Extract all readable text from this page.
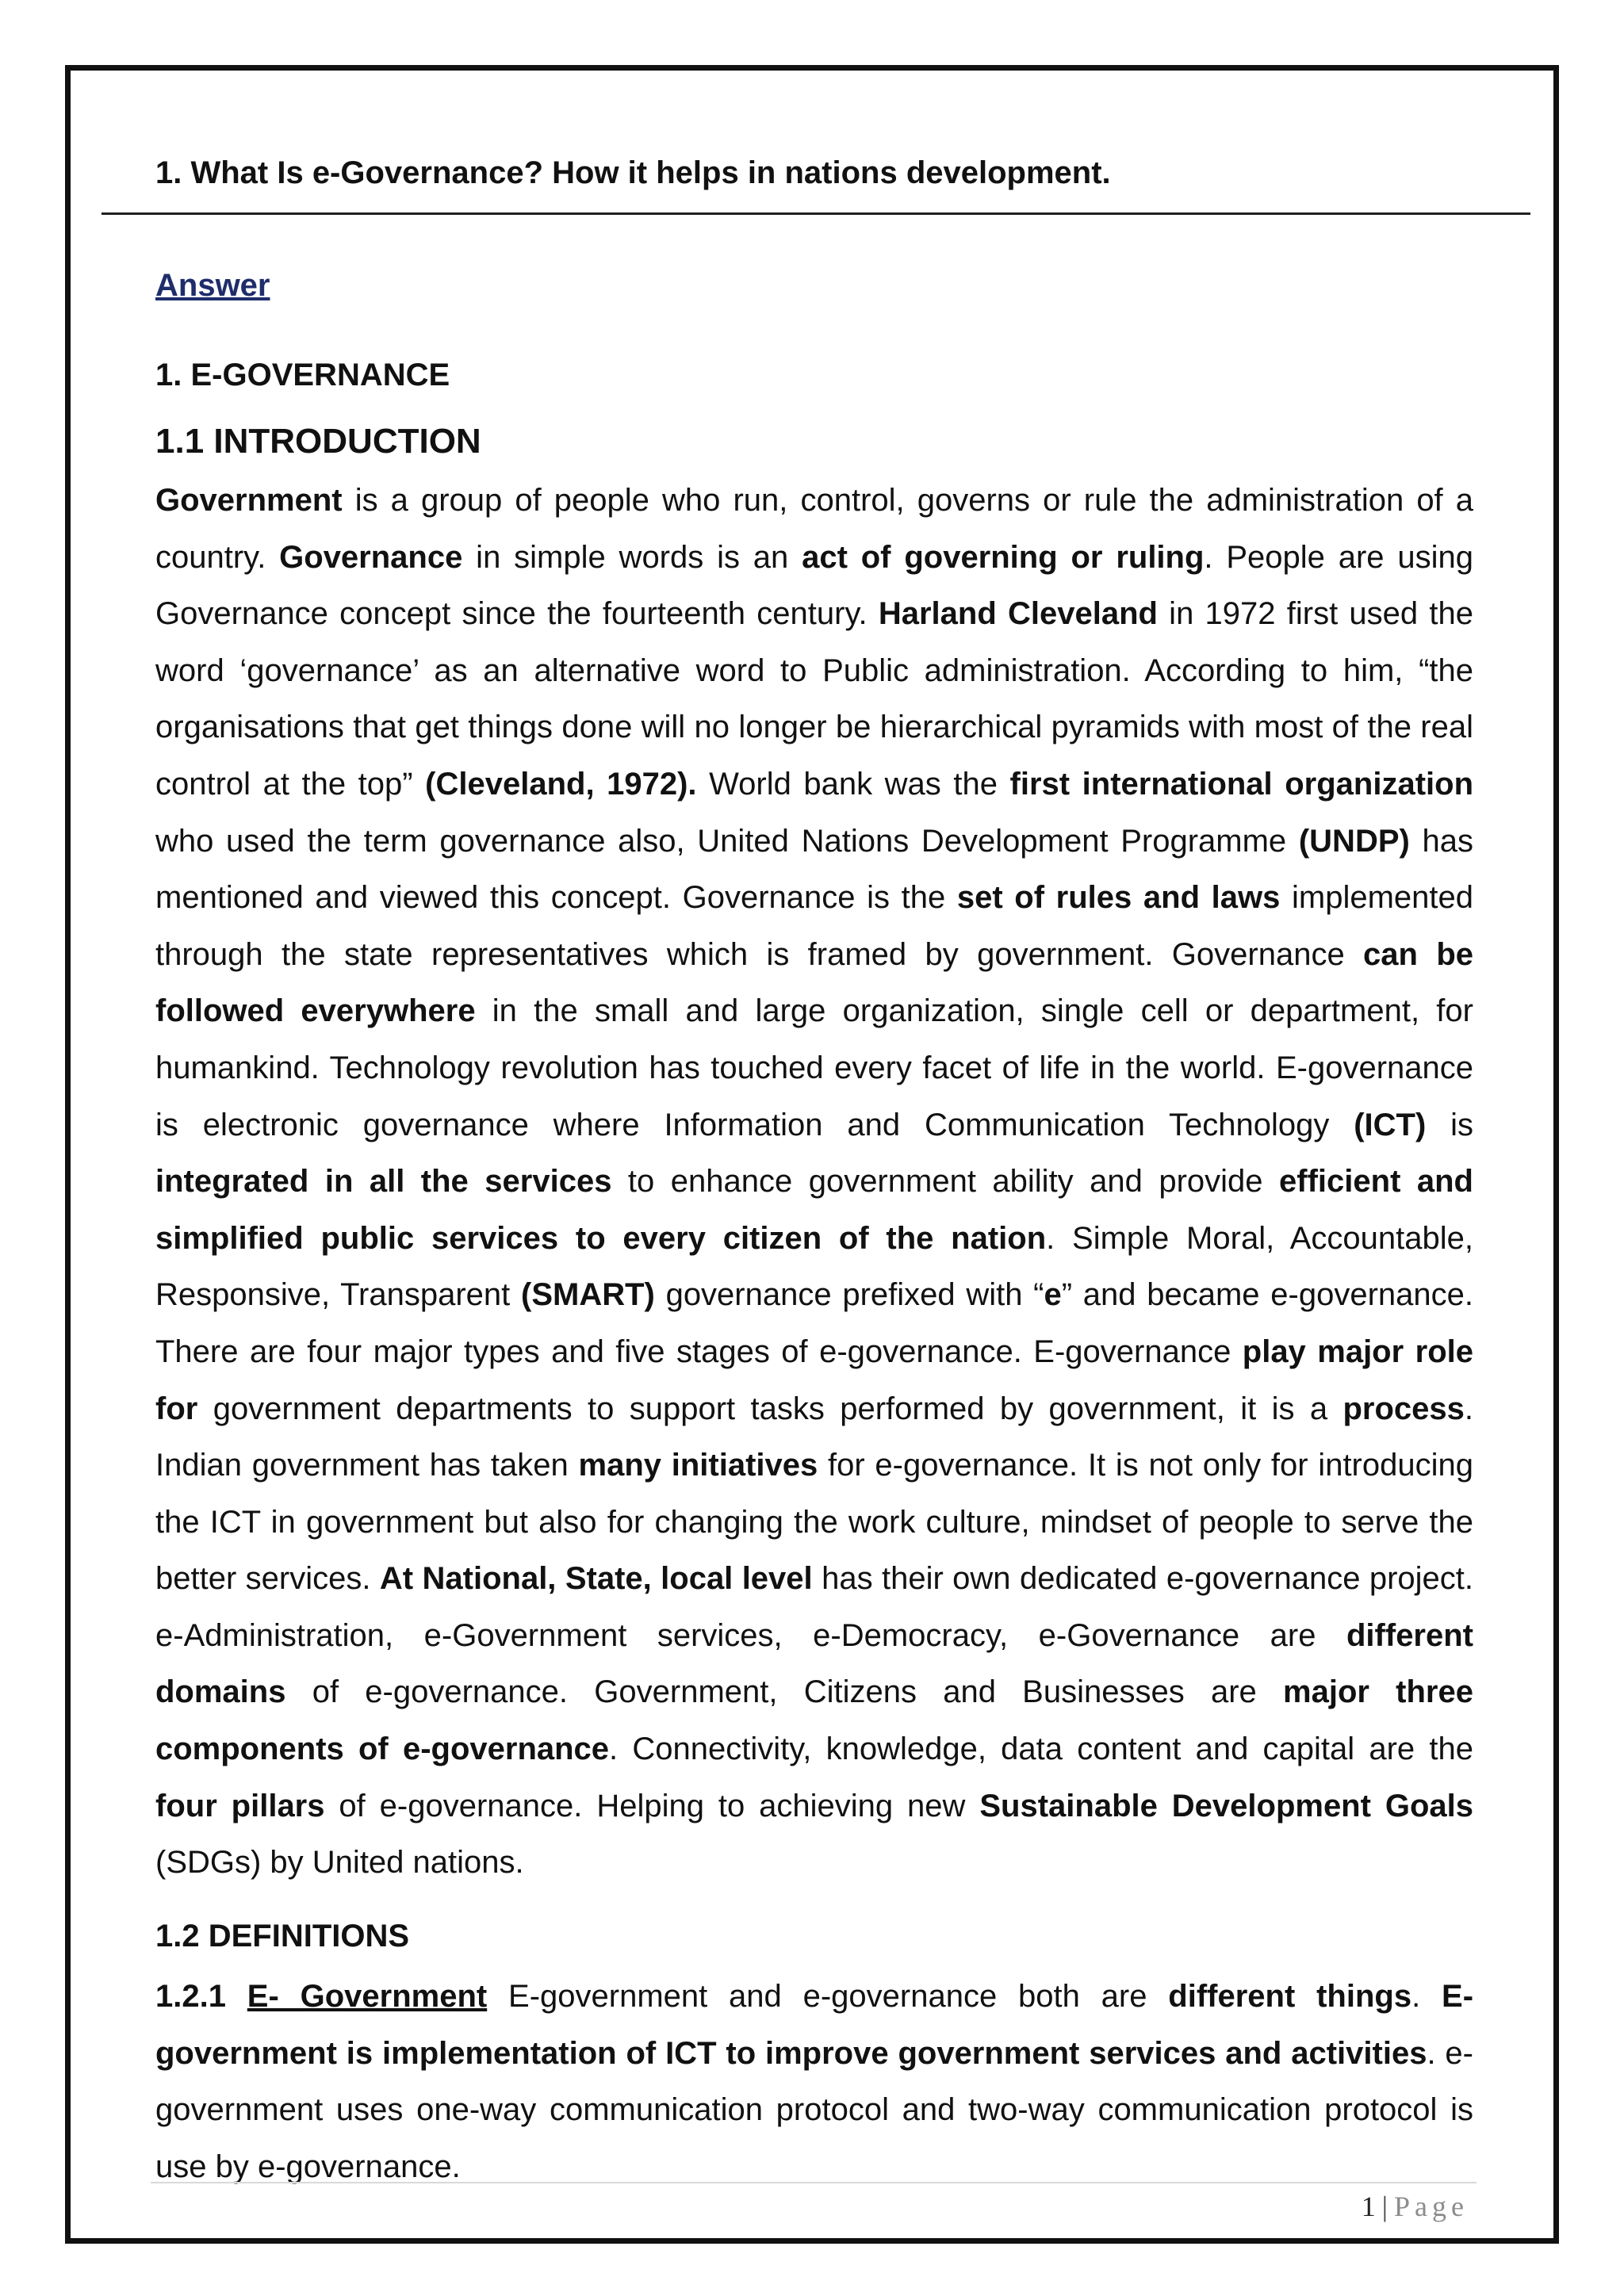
1. What Is e-Governance? How it helps in nations development.
Answer
1. E-GOVERNANCE
1.1 INTRODUCTION

Government is a group of people who run, control, governs or rule the administration of a country. Governance in simple words is an act of governing or ruling. People are using Governance concept since the fourteenth century. Harland Cleveland in 1972 first used the word ‘governance’ as an alternative word to Public administration. According to him, “the organisations that get things done will no longer be hierarchical pyramids with most of the real control at the top” (Cleveland, 1972). World bank was the first international organization who used the term governance also, United Nations Development Programme (UNDP) has mentioned and viewed this concept. Governance is the set of rules and laws implemented through the state representatives which is framed by government. Governance can be followed everywhere in the small and large organization, single cell or department, for humankind. Technology revolution has touched every facet of life in the world. E-governance is electronic governance where Information and Communication Technology (ICT) is integrated in all the services to enhance government ability and provide efficient and simplified public services to every citizen of the nation. Simple Moral, Accountable, Responsive, Transparent (SMART) governance prefixed with “e” and became e-governance. There are four major types and five stages of e-governance. E-governance play major role for government departments to support tasks performed by government, it is a process. Indian government has taken many initiatives for e-governance. It is not only for introducing the ICT in government but also for changing the work culture, mindset of people to serve the better services. At National, State, local level has their own dedicated e-governance project. e-Administration, e-Government services, e-Democracy, e-Governance are different domains of e-governance. Government, Citizens and Businesses are major three components of e-governance. Connectivity, knowledge, data content and capital are the four pillars of e-governance. Helping to achieving new Sustainable Development Goals (SDGs) by United nations.

1.2 DEFINITIONS

1.2.1 E- Government E-government and e-governance both are different things. E-government is implementation of ICT to improve government services and activities. e-government uses one-way communication protocol and two-way communication protocol is use by e-governance.

1 | Page
